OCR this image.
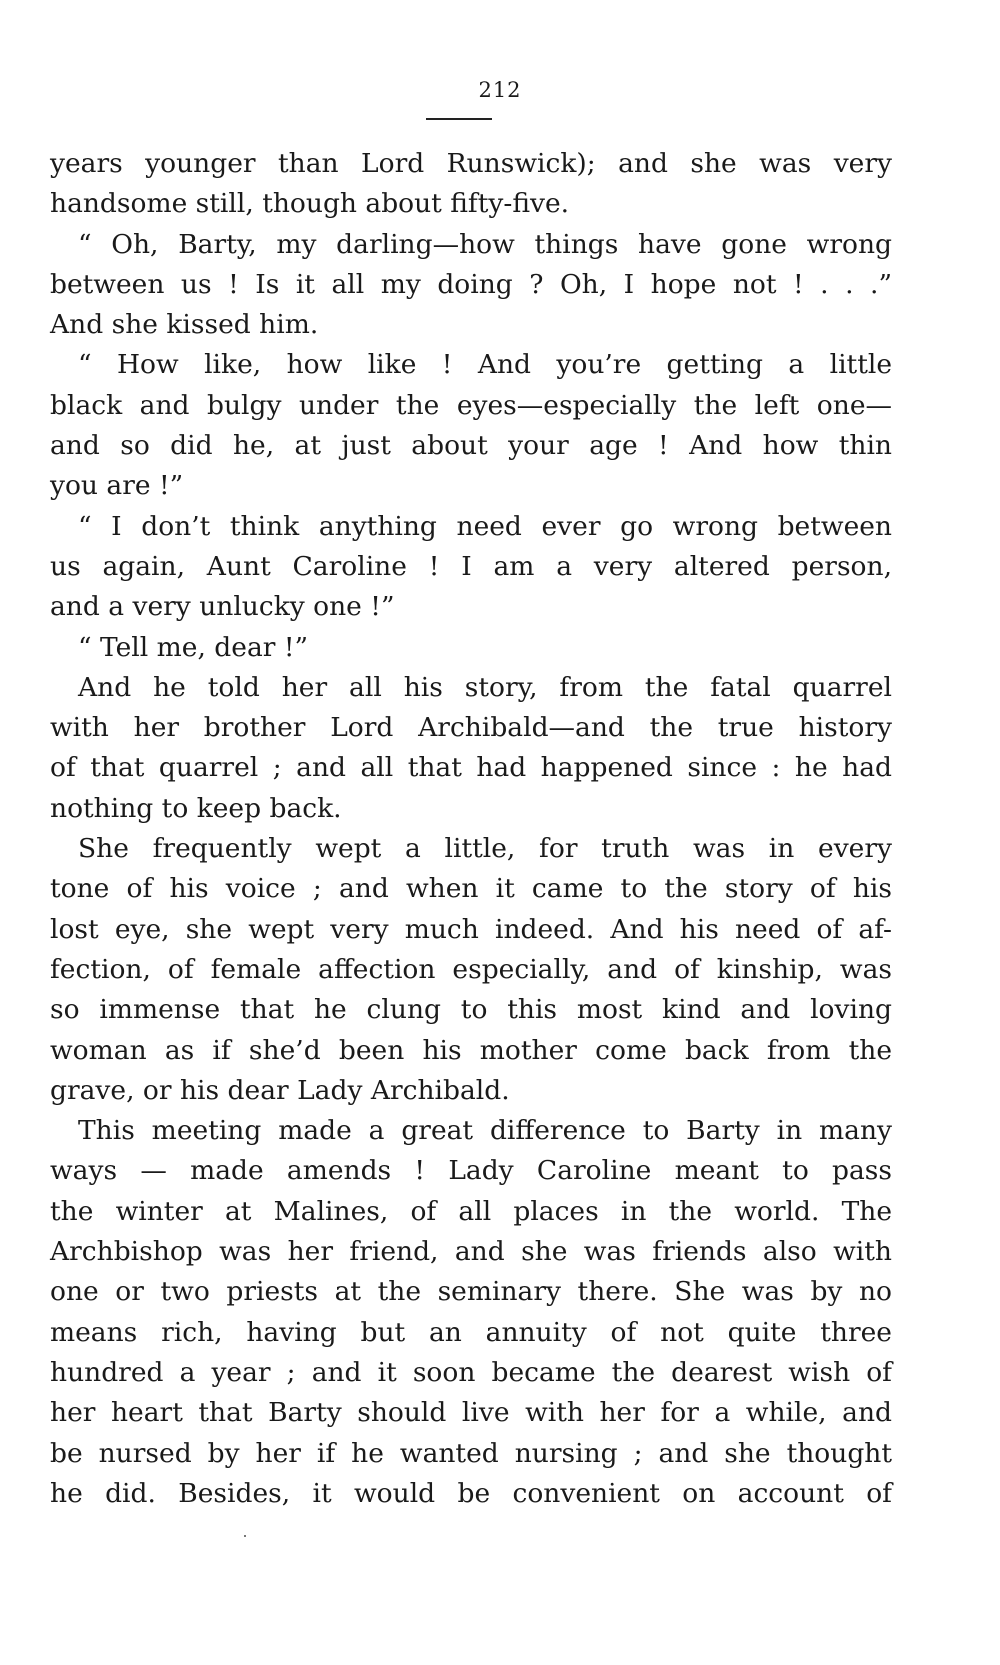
212
years younger than Lord Runswick); and she was very
handsome still, though about fifty-five.
“ Oh, Barty, my darling—how things have gone wrong
between us ! Is it all my doing ? Oh, I hope not ! . . .”
And she kissed him.
“ How like, how like ! And you’re getting a little
black and bulgy under the eyes—especially the left one—
and so did he, at just about your age ! And how thin
you are !”
“ I don’t think anything need ever go wrong between
us again, Aunt Caroline ! I am a very altered person,
and a very unlucky one !”
“ Tell me, dear !”
And he told her all his story, from the fatal quarrel
with her brother Lord Archibald—and the true history
of that quarrel ; and all that had happened since : he had
nothing to keep back.
She frequently wept a little, for truth was in every
tone of his voice ; and when it came to the story of his
lost eye, she wept very much indeed. And his need of af-
fection, of female affection especially, and of kinship, was
so immense that he clung to this most kind and loving
woman as if she’d been his mother come back from the
grave, or his dear Lady Archibald.
This meeting made a great difference to Barty in many
ways — made amends ! Lady Caroline meant to pass
the winter at Malines, of all places in the world. The
Archbishop was her friend, and she was friends also with
one or two priests at the seminary there. She was by no
means rich, having but an annuity of not quite three
hundred a year ; and it soon became the dearest wish of
her heart that Barty should live with her for a while, and
be nursed by her if he wanted nursing ; and she thought
he did. Besides, it would be convenient on account of
